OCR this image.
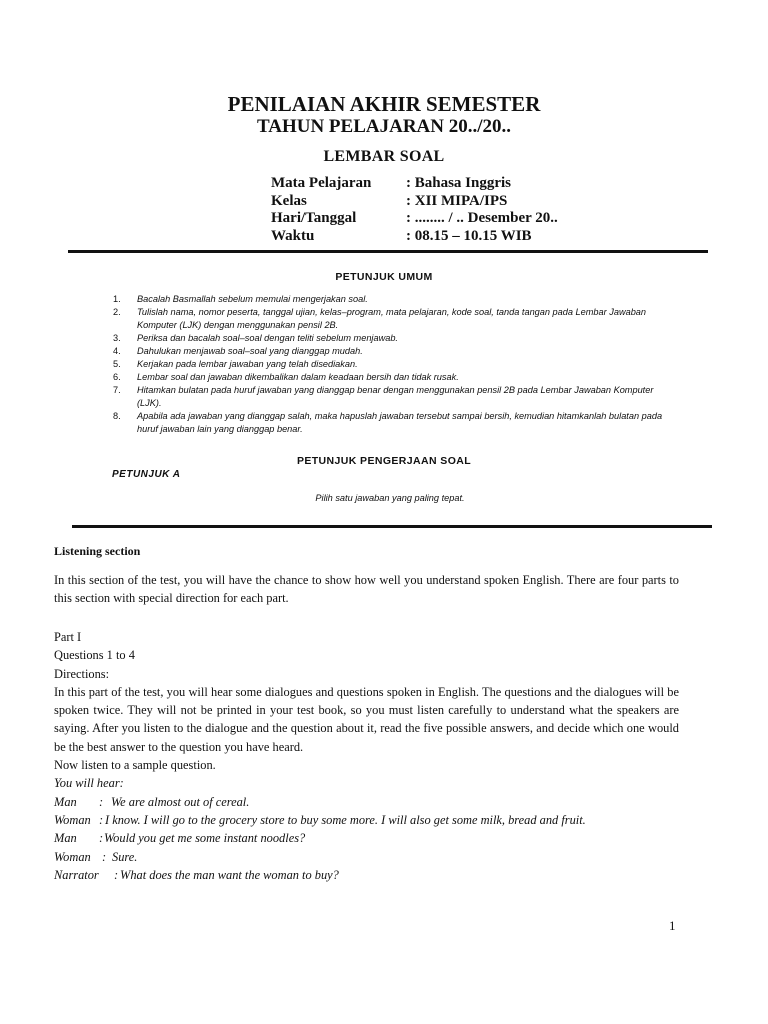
PENILAIAN AKHIR SEMESTER
TAHUN PELAJARAN 20../20..
LEMBAR SOAL
Mata Pelajaran : Bahasa Inggris
Kelas	: XII MIPA/IPS
Hari/Tanggal	: ........ / .. Desember 20..
Waktu	: 08.15 – 10.15 WIB
PETUNJUK UMUM
1. Bacalah Basmallah sebelum memulai mengerjakan soal.
2. Tulislah nama, nomor peserta, tanggal ujian, kelas–program, mata pelajaran, kode soal, tanda tangan pada Lembar Jawaban Komputer (LJK) dengan menggunakan pensil 2B.
3. Periksa dan bacalah soal–soal dengan teliti sebelum menjawab.
4. Dahulukan menjawab soal–soal yang dianggap mudah.
5. Kerjakan pada lembar jawaban yang telah disediakan.
6. Lembar soal dan jawaban dikembalikan dalam keadaan bersih dan tidak rusak.
7. Hitamkan bulatan pada huruf jawaban yang dianggap benar dengan menggunakan pensil 2B pada Lembar Jawaban Komputer (LJK).
8. Apabila ada jawaban yang dianggap salah, maka hapuslah jawaban tersebut sampai bersih, kemudian hitamkanlah bulatan pada huruf jawaban lain yang dianggap benar.
PETUNJUK PENGERJAAN SOAL
PETUNJUK A
Pilih satu jawaban yang paling tepat.
Listening section
In this section of the test, you will have the chance to show how well you understand spoken English. There are four parts to this section with special direction for each part.
Part I
Questions 1 to 4
Directions:
In this part of the test, you will hear some dialogues and questions spoken in English. The questions and the dialogues will be spoken twice. They will not be printed in your test book, so you must listen carefully to understand what the speakers are saying. After you listen to the dialogue and the question about it, read the five possible answers, and decide which one would be the best answer to the question you have heard.
Now listen to a sample question.
You will hear:
Man : We are almost out of cereal.
Woman : I know. I will go to the grocery store to buy some more. I will also get some milk, bread and fruit.
Man : Would you get me some instant noodles?
Woman : Sure.
Narrator : What does the man want the woman to buy?
1
